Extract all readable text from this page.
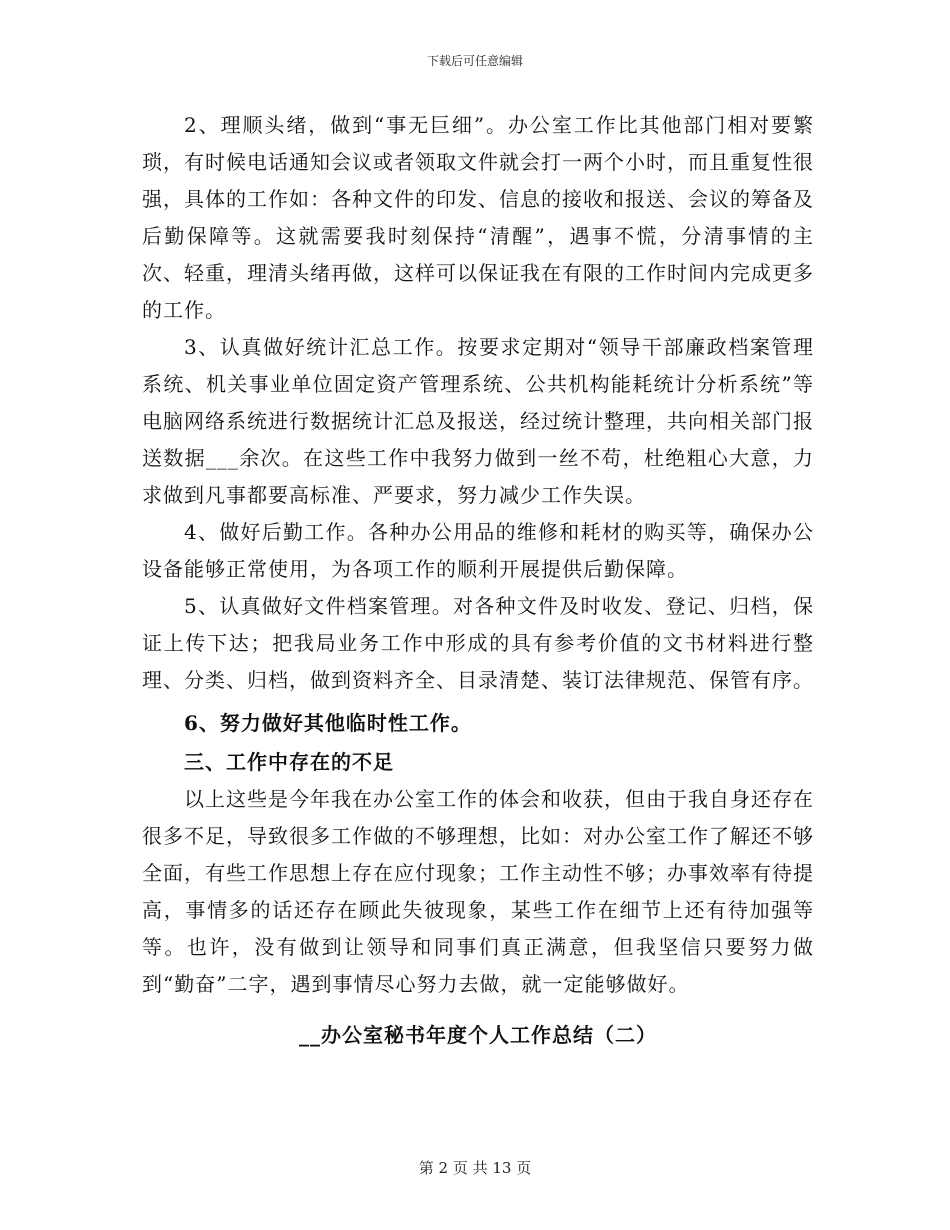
下载后可任意编辑

2、理顺头绪，做到“事无巨细”。办公室工作比其他部门相对要繁琐，有时候电话通知会议或者领取文件就会打一两个小时，而且重复性很强，具体的工作如：各种文件的印发、信息的接收和报送、会议的筹备及后勤保障等。这就需要我时刻保持“清醒”，遇事不慌，分清事情的主次、轻重，理清头绪再做，这样可以保证我在有限的工作时间内完成更多的工作。

3、认真做好统计汇总工作。按要求定期对“领导干部廉政档案管理系统、机关事业单位固定资产管理系统、公共机构能耗统计分析系统”等电脑网络系统进行数据统计汇总及报送，经过统计整理，共向相关部门报送数据___余次。在这些工作中我努力做到一丝不苟，杜绝粗心大意，力求做到凡事都要高标准、严要求，努力减少工作失误。

4、做好后勤工作。各种办公用品的维修和耗材的购买等，确保办公设备能够正常使用，为各项工作的顺利开展提供后勤保障。

5、认真做好文件档案管理。对各种文件及时收发、登记、归档，保证上传下达；把我局业务工作中形成的具有参考价值的文书材料进行整理、分类、归档，做到资料齐全、目录清楚、装订法律规范、保管有序。

6、努力做好其他临时性工作。

三、工作中存在的不足

以上这些是今年我在办公室工作的体会和收获，但由于我自身还存在很多不足，导致很多工作做的不够理想，比如：对办公室工作了解还不够全面，有些工作思想上存在应付现象；工作主动性不够；办事效率有待提高，事情多的话还存在顾此失彼现象，某些工作在细节上还有待加强等等。也许，没有做到让领导和同事们真正满意，但我坚信只要努力做到“勤奋”二字，遇到事情尽心努力去做，就一定能够做好。

__办公室秘书年度个人工作总结（二）

第 2 页 共 13 页
